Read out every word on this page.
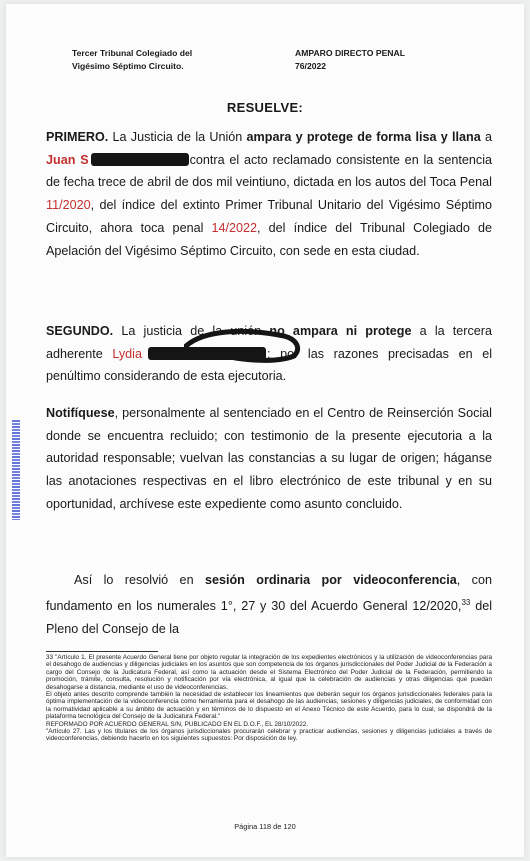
Tercer Tribunal Colegiado del
Vigésimo Séptimo Circuito.
AMPARO DIRECTO PENAL
76/2022
RESUELVE:
PRIMERO. La Justicia de la Unión ampara y protege de forma lisa y llana a Juan S	contra el acto reclamado consistente en la sentencia de fecha trece de abril de dos mil veintiuno, dictada en los autos del Toca Penal 11/2020, del índice del extinto Primer Tribunal Unitario del Vigésimo Séptimo Circuito, ahora toca penal 14/2022, del índice del Tribunal Colegiado de Apelación del Vigésimo Séptimo Circuito, con sede en esta ciudad.
SEGUNDO. La justicia de la unión no ampara ni protege a la tercera adherente Lydia	; por las razones precisadas en el penúltimo considerando de esta ejecutoria.
Notifíquese, personalmente al sentenciado en el Centro de Reinserción Social donde se encuentra recluido; con testimonio de la presente ejecutoria a la autoridad responsable; vuelvan las constancias a su lugar de origen; háganse las anotaciones respectivas en el libro electrónico de este tribunal y en su oportunidad, archívese este expediente como asunto concluido.
Así lo resolvió en sesión ordinaria por videoconferencia, con fundamento en los numerales 1°, 27 y 30 del Acuerdo General 12/2020,33 del Pleno del Consejo de la
33 "Artículo 1. El presente Acuerdo General tiene por objeto regular la integración de los expedientes electrónicos y la utilización de videoconferencias para el desahogo de audiencias y diligencias judiciales en los asuntos que son competencia de los órganos jurisdiccionales del Poder Judicial de la Federación a cargo del Consejo de la Judicatura Federal, así como la actuación desde el Sistema Electrónico del Poder Judicial de la Federación, permitiendo la promoción, trámite, consulta, resolución y notificación por vía electrónica, al igual que la celebración de audiencias y otras diligencias que puedan desahogarse a distancia, mediante el uso de videoconferencias.
El objeto antes descrito comprende también la necesidad de establecer los lineamientos que deberán seguir los órganos jurisdiccionales federales para la óptima implementación de la videoconferencia como herramienta para el desahogo de las audiencias, sesiones y diligencias judiciales, de conformidad con la normatividad aplicable a su ámbito de actuación y en términos de lo dispuesto en el Anexo Técnico de este Acuerdo, para lo cual, se dispondrá de la plataforma tecnológica del Consejo de la Judicatura Federal."
REFORMADO POR ACUERDO GENERAL S/N, PUBLICADO EN EL D.O.F., EL 28/10/2022.
"Artículo 27. Las y los titulares de los órganos jurisdiccionales procurarán celebrar y practicar audiencias, sesiones y diligencias judiciales a través de videoconferencias, debiendo hacerlo en los siguientes supuestos: Por disposición de ley.
Página 118 de 120
